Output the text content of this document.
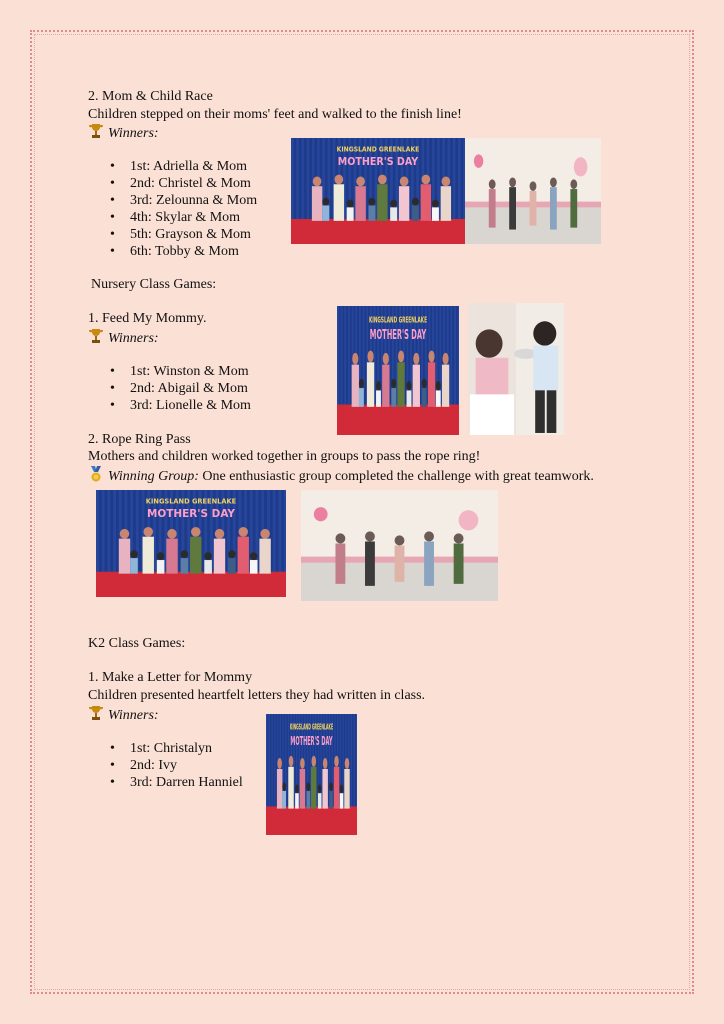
2. Mom & Child Race
Children stepped on their moms' feet and walked to the finish line!
Winners:
• 1st: Adriella & Mom
• 2nd: Christel & Mom
• 3rd: Zelounna & Mom
• 4th: Skylar & Mom
• 5th: Grayson & Mom
• 6th: Tobby & Mom
Nursery Class Games:
1. Feed My Mommy.
Winners:
• 1st: Winston & Mom
• 2nd: Abigail & Mom
• 3rd: Lionelle & Mom
2. Rope Ring Pass
Mothers and children worked together in groups to pass the rope ring!
Winning Group: One enthusiastic group completed the challenge with great teamwork.
K2 Class Games:
1. Make a Letter for Mommy
Children presented heartfelt letters they had written in class.
Winners:
• 1st: Christalyn
• 2nd: Ivy
• 3rd: Darren Hanniel
